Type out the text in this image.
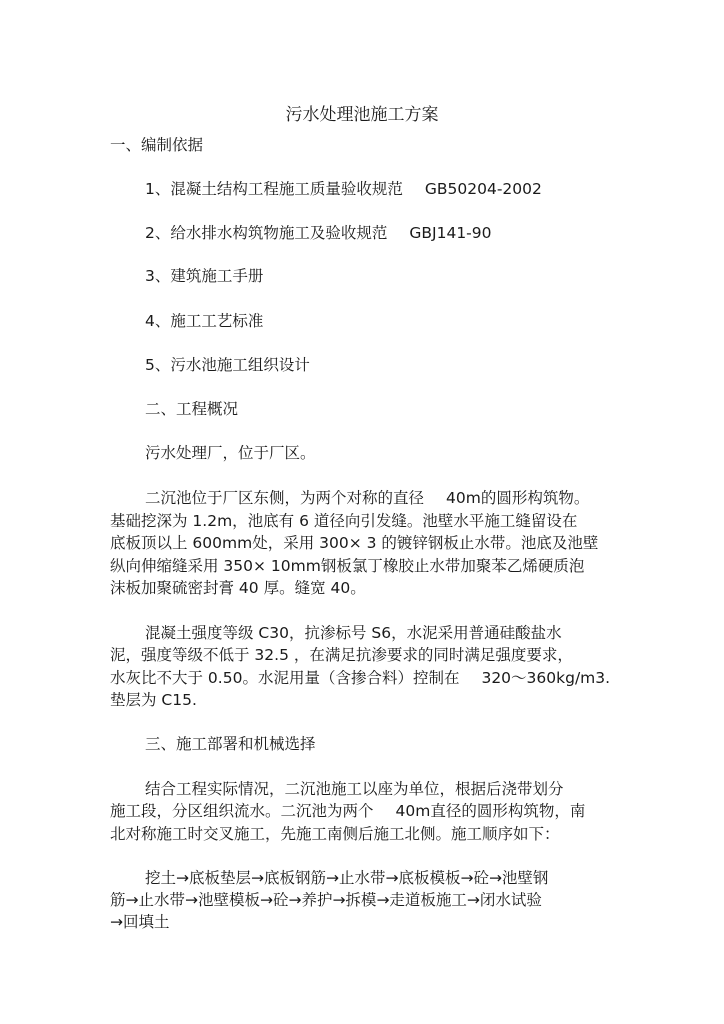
污水处理池施工方案
一、编制依据
1、混凝土结构工程施工质量验收规范 GB50204-2002
2、给水排水构筑物施工及验收规范 GBJ141-90
3、建筑施工手册
4、施工工艺标准
5、污水池施工组织设计
二、工程概况
污水处理厂，位于厂区。
二沉池位于厂区东侧，为两个对称的直径 40m的圆形构筑物。
基础挖深为 1.2m，池底有 6 道径向引发缝。池壁水平施工缝留设在
底板顶以上 600mm处，采用 300× 3 的镀锌钢板止水带。池底及池壁
纵向伸缩缝采用 350× 10mm钢板氯丁橡胶止水带加聚苯乙烯硬质泡
沫板加聚硫密封膏 40 厚。缝宽 40。
混凝土强度等级 C30，抗渗标号 S6，水泥采用普通硅酸盐水
泥，强度等级不低于 32.5 ，在满足抗渗要求的同时满足强度要求，
水灰比不大于 0.50。水泥用量（含掺合料）控制在 320～360kg/m3.
垫层为 C15.
三、施工部署和机械选择
结合工程实际情况，二沉池施工以座为单位，根据后浇带划分
施工段，分区组织流水。二沉池为两个 40m直径的圆形构筑物，南
北对称施工时交叉施工，先施工南侧后施工北侧。施工顺序如下：
挖土→底板垫层→底板钢筋→止水带→底板模板→砼→池壁钢
筋→止水带→池壁模板→砼→养护→拆模→走道板施工→闭水试验
→回填土
